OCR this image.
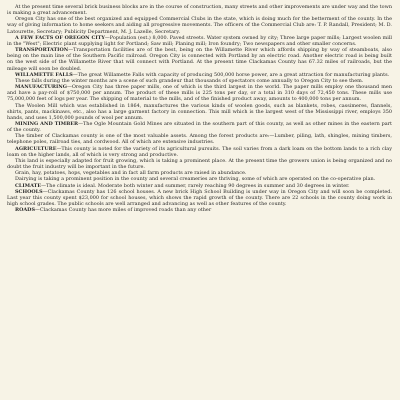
At the present time several brick business blocks are in the course of construction, many streets and other improvements are under way and the town is making a great advancement.

Oregon City has one of the best organized and equipped Commercial Clubs in the state, which is doing much for the betterment of the county. In the way of giving information to home seekers and aiding all progressive movements. The officers of the Commercial Club are: T. P. Randall, President; M. D. Latourette, Secretary; Publicity Department, M. J. Lazelle, Secretary.

A FEW FACTS OF OREGON CITY—Population (est.) 8,000. Paved streets. Water system owned by city; Three large paper mills; Largest woolen mill in the "West"; Electric plant supplying light for Portland; Saw mill; Planing mill; Iron foundry; Two newspapers and other smaller concerns.

TRANSPORTATION—Transportation facilities are of the best, being on the Willamette River which affords shipping by way of steamboats, also being on the main line of the Southern Pacific railroad. Oregon City is connected with Portland by an electric road. Another electric road is being built on the west side of the Willamette River that will connect with Portland. At the present time Clackamas County has 67.32 miles of railroads, but the mileage will soon be doubled.

WILLAMETTE FALLS—The great Willamette Falls with capacity of producing 500,000 horse power, are a great attraction for manufacturing plants.

These falls during the winter months are a scene of such grandeur that thousands of spectators come annually to Oregon City to see them.

MANUFACTURING—Oregon City has three paper mills, one of which is the third largest in the world. The paper mills employ one thousand men and have a pay-roll of $750,000 per annum. The product of these mills is 225 tons per day, or a total in 310 days of 72,450 tons. These mills use 75,000,000 feet of logs per year. The shipping of material to the mills, and of the finished product away, amounts to 400,000 tons per annum.

The Woolen Mill which was established in 1864, manufactures the various kinds of woolen goods, such as blankets, robes, cassimeres, flannels, shirts, pants, mackinaws, etc., also has a large garment factory in connection. This mill which is the largest west of the Mississippi river, employs 350 hands, and uses 1,500,000 pounds of wool per annum.

MINING AND TIMBER—The Ogle Mountain Gold Mines are situated in the southern part of this county, as well as other mines in the eastern part of the county.

The timber of Clackamas county is one of the most valuable assets. Among the forest products are:—Lumber, piling, lath, shingles, mining timbers, telephone poles, railroad ties, and cordwood. All of which are extensive industries.

AGRICULTURE—This county is noted for the variety of its agricultural pursuits. The soil varies from a dark loam on the bottom lands to a rich clay loam on the higher lands, all of which is very strong and productive.

This land is especially adapted for fruit growing, which is taking a prominent place. At the present time the growers union is being organized and no doubt the fruit industry will be important in the future.

Grain, hay, potatoes, hops, vegetables and in fact all farm products are raised in abundance.

Dairying is taking a prominent position in the county and several creameries are thriving, some of which are operated on the co-operative plan.

CLIMATE—The climate is ideal. Moderate both winter and summer, rarely reaching 90 degrees in summer and 30 degrees in winter.

SCHOOLS—Clackamas County has 126 school houses. A new brick High School Building is under way in Oregon City and will soon be completed. Last year this county spent $23,000 for school houses, which shows the rapid growth of the county. There are 22 schools in the county doing work in high school grades. The public schools are well arranged and advancing as well as other features of the county.

ROADS—Clackamas County has more miles of improved roads than any other
